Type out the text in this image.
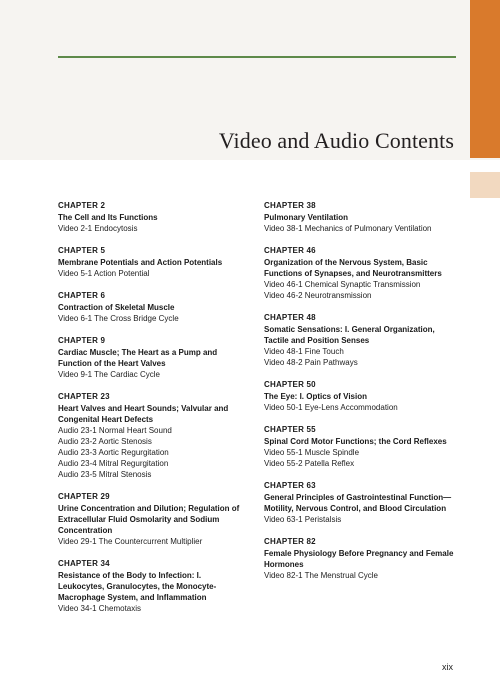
Video and Audio Contents
CHAPTER 2
The Cell and Its Functions
Video 2-1 Endocytosis
CHAPTER 5
Membrane Potentials and Action Potentials
Video 5-1 Action Potential
CHAPTER 6
Contraction of Skeletal Muscle
Video 6-1 The Cross Bridge Cycle
CHAPTER 9
Cardiac Muscle; The Heart as a Pump and Function of the Heart Valves
Video 9-1 The Cardiac Cycle
CHAPTER 23
Heart Valves and Heart Sounds; Valvular and Congenital Heart Defects
Audio 23-1 Normal Heart Sound
Audio 23-2 Aortic Stenosis
Audio 23-3 Aortic Regurgitation
Audio 23-4 Mitral Regurgitation
Audio 23-5 Mitral Stenosis
CHAPTER 29
Urine Concentration and Dilution; Regulation of Extracellular Fluid Osmolarity and Sodium Concentration
Video 29-1 The Countercurrent Multiplier
CHAPTER 34
Resistance of the Body to Infection: I. Leukocytes, Granulocytes, the Monocyte-Macrophage System, and Inflammation
Video 34-1 Chemotaxis
CHAPTER 38
Pulmonary Ventilation
Video 38-1 Mechanics of Pulmonary Ventilation
CHAPTER 46
Organization of the Nervous System, Basic Functions of Synapses, and Neurotransmitters
Video 46-1 Chemical Synaptic Transmission
Video 46-2 Neurotransmission
CHAPTER 48
Somatic Sensations: I. General Organization, Tactile and Position Senses
Video 48-1 Fine Touch
Video 48-2 Pain Pathways
CHAPTER 50
The Eye: I. Optics of Vision
Video 50-1 Eye-Lens Accommodation
CHAPTER 55
Spinal Cord Motor Functions; the Cord Reflexes
Video 55-1 Muscle Spindle
Video 55-2 Patella Reflex
CHAPTER 63
General Principles of Gastrointestinal Function—Motility, Nervous Control, and Blood Circulation
Video 63-1 Peristalsis
CHAPTER 82
Female Physiology Before Pregnancy and Female Hormones
Video 82-1 The Menstrual Cycle
xix
